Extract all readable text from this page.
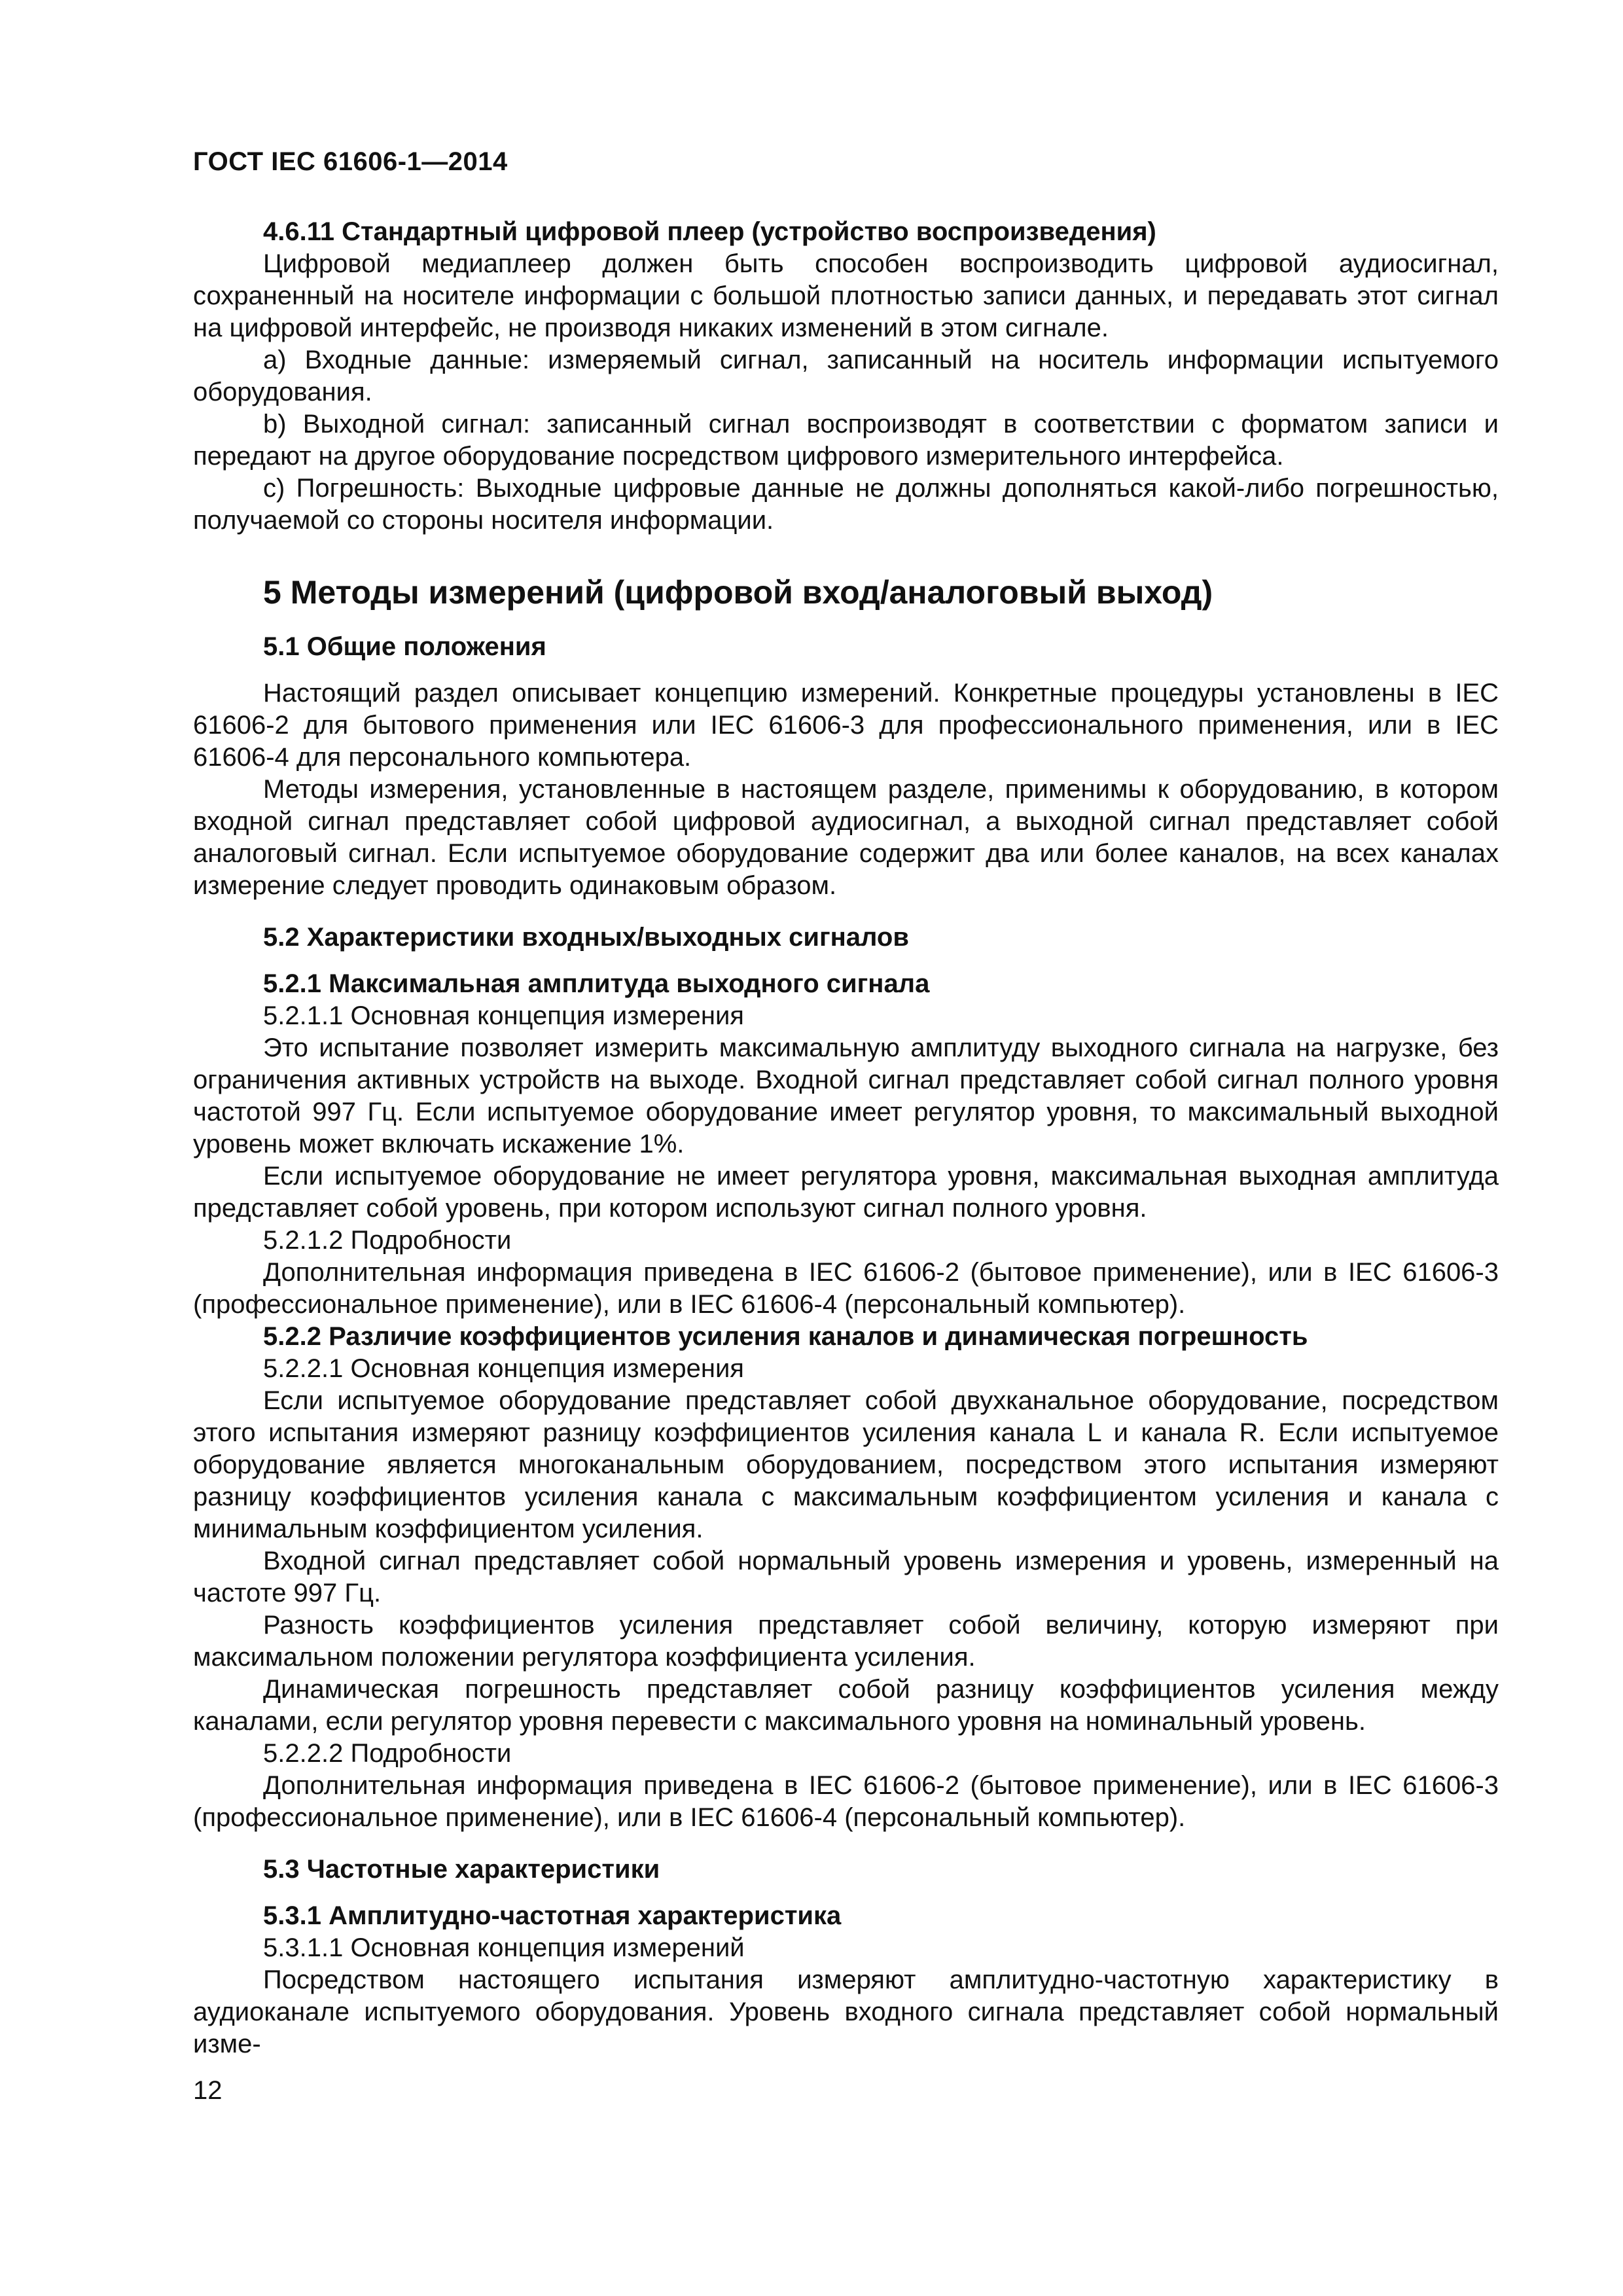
ГОСТ IEC 61606-1—2014

4.6.11 Стандартный цифровой плеер (устройство воспроизведения)

Цифровой медиаплеер должен быть способен воспроизводить цифровой аудиосигнал, сохраненный на носителе информации с большой плотностью записи данных, и передавать этот сигнал на цифровой интерфейс, не производя никаких изменений в этом сигнале.

a) Входные данные: измеряемый сигнал, записанный на носитель информации испытуемого оборудования.

b) Выходной сигнал: записанный сигнал воспроизводят в соответствии с форматом записи и передают на другое оборудование посредством цифрового измерительного интерфейса.

c) Погрешность: Выходные цифровые данные не должны дополняться какой-либо погрешностью, получаемой со стороны носителя информации.

5 Методы измерений (цифровой вход/аналоговый выход)

5.1 Общие положения

Настоящий раздел описывает концепцию измерений. Конкретные процедуры установлены в IEC 61606-2 для бытового применения или IEC 61606-3 для профессионального применения, или в IEC 61606-4 для персонального компьютера.

Методы измерения, установленные в настоящем разделе, применимы к оборудованию, в котором входной сигнал представляет собой цифровой аудиосигнал, а выходной сигнал представляет собой аналоговый сигнал. Если испытуемое оборудование содержит два или более каналов, на всех каналах измерение следует проводить одинаковым образом.

5.2 Характеристики входных/выходных сигналов

5.2.1 Максимальная амплитуда выходного сигнала

5.2.1.1 Основная концепция измерения

Это испытание позволяет измерить максимальную амплитуду выходного сигнала на нагрузке, без ограничения активных устройств на выходе. Входной сигнал представляет собой сигнал полного уровня частотой 997 Гц. Если испытуемое оборудование имеет регулятор уровня, то максимальный выходной уровень может включать искажение 1%.

Если испытуемое оборудование не имеет регулятора уровня, максимальная выходная амплитуда представляет собой уровень, при котором используют сигнал полного уровня.

5.2.1.2 Подробности

Дополнительная информация приведена в IEC 61606-2 (бытовое применение), или в IEC 61606-3 (профессиональное применение), или в IEC 61606-4 (персональный компьютер).

5.2.2 Различие коэффициентов усиления каналов и динамическая погрешность

5.2.2.1 Основная концепция измерения

Если испытуемое оборудование представляет собой двухканальное оборудование, посредством этого испытания измеряют разницу коэффициентов усиления канала L и канала R. Если испытуемое оборудование является многоканальным оборудованием, посредством этого испытания измеряют разницу коэффициентов усиления канала с максимальным коэффициентом усиления и канала с минимальным коэффициентом усиления.

Входной сигнал представляет собой нормальный уровень измерения и уровень, измеренный на частоте 997 Гц.

Разность коэффициентов усиления представляет собой величину, которую измеряют при максимальном положении регулятора коэффициента усиления.

Динамическая погрешность представляет собой разницу коэффициентов усиления между каналами, если регулятор уровня перевести с максимального уровня на номинальный уровень.

5.2.2.2 Подробности

Дополнительная информация приведена в IEC 61606-2 (бытовое применение), или в IEC 61606-3 (профессиональное применение), или в IEC 61606-4 (персональный компьютер).

5.3 Частотные характеристики

5.3.1 Амплитудно-частотная характеристика

5.3.1.1 Основная концепция измерений

Посредством настоящего испытания измеряют амплитудно-частотную характеристику в аудиоканале испытуемого оборудования. Уровень входного сигнала представляет собой нормальный изме-

12
